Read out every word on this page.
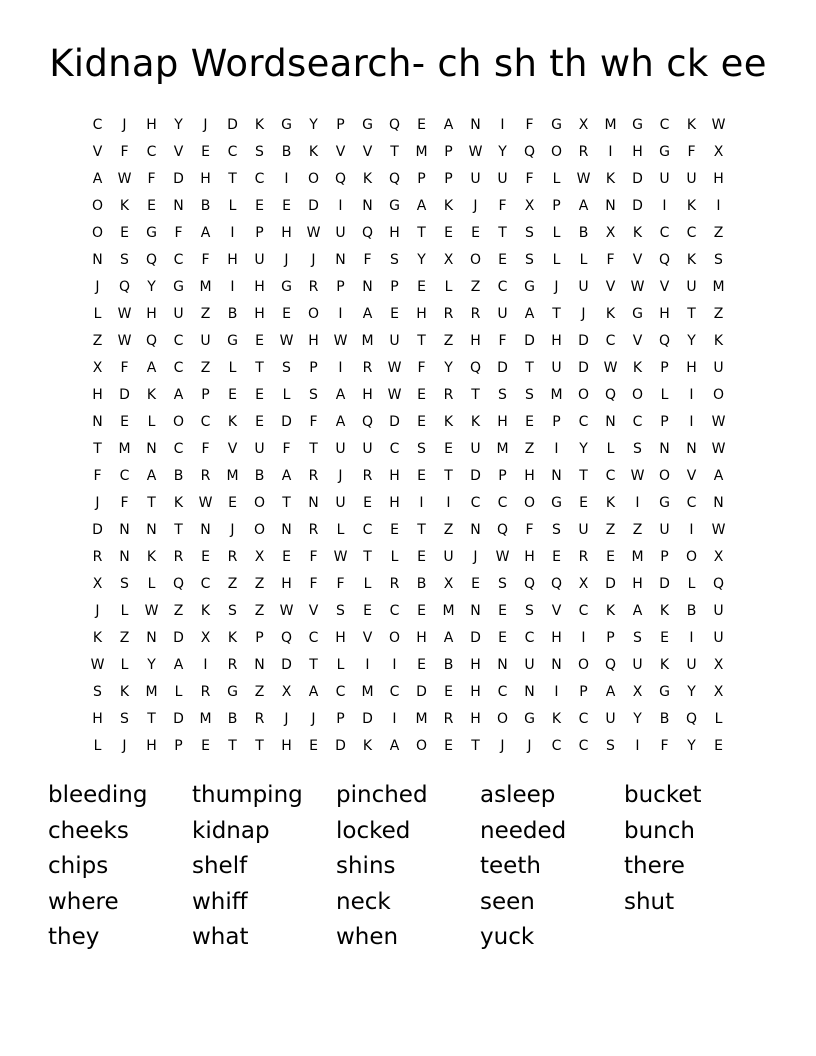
Kidnap Wordsearch- ch sh th wh ck ee
C	J	H	Y	J	D	K	G	Y	P	G	Q	E	A	N	I	F	G	X	M	G	C	K	W
V	F	C	V	E	C	S	B	K	V	V	T	M	P	W	Y	Q	O	R	I	H	G	F	X
A	W	F	D	H	T	C	I	O	Q	K	Q	P	P	U	U	F	L	W	K	D	U	U	H
O	K	E	N	B	L	E	E	D	I	N	G	A	K	J	F	X	P	A	N	D	I	K	I
O	E	G	F	A	I	P	H	W	U	Q	H	T	E	E	T	S	L	B	X	K	C	C	Z
N	S	Q	C	F	H	U	J	J	N	F	S	Y	X	O	E	S	L	L	F	V	Q	K	S
J	Q	Y	G	M	I	H	G	R	P	N	P	E	L	Z	C	G	J	U	V	W	V	U	M
L	W	H	U	Z	B	H	E	O	I	A	E	H	R	R	U	A	T	J	K	G	H	T	Z
Z	W	Q	C	U	G	E	W	H	W	M	U	T	Z	H	F	D	H	D	C	V	Q	Y	K
X	F	A	C	Z	L	T	S	P	I	R	W	F	Y	Q	D	T	U	D	W	K	P	H	U
H	D	K	A	P	E	E	L	S	A	H	W	E	R	T	S	S	M	O	Q	O	L	I	O
N	E	L	O	C	K	E	D	F	A	Q	D	E	K	K	H	E	P	C	N	C	P	I	W
T	M	N	C	F	V	U	F	T	U	U	C	S	E	U	M	Z	I	Y	L	S	N	N	W
F	C	A	B	R	M	B	A	R	J	R	H	E	T	D	P	H	N	T	C	W	O	V	A
J	F	T	K	W	E	O	T	N	U	E	H	I	I	C	C	O	G	E	K	I	G	C	N
D	N	N	T	N	J	O	N	R	L	C	E	T	Z	N	Q	F	S	U	Z	Z	U	I	W
R	N	K	R	E	R	X	E	F	W	T	L	E	U	J	W	H	E	R	E	M	P	O	X
X	S	L	Q	C	Z	Z	H	F	F	L	R	B	X	E	S	Q	Q	X	D	H	D	L	Q
J	L	W	Z	K	S	Z	W	V	S	E	C	E	M	N	E	S	V	C	K	A	K	B	U
K	Z	N	D	X	K	P	Q	C	H	V	O	H	A	D	E	C	H	I	P	S	E	I	U
W	L	Y	A	I	R	N	D	T	L	I	I	E	B	H	N	U	N	O	Q	U	K	U	X
S	K	M	L	R	G	Z	X	A	C	M	C	D	E	H	C	N	I	P	A	X	G	Y	X
H	S	T	D	M	B	R	J	J	P	D	I	M	R	H	O	G	K	C	U	Y	B	Q	L
L	J	H	P	E	T	T	H	E	D	K	A	O	E	T	J	J	C	C	S	I	F	Y	E
bleeding	thumping	pinched	asleep	bucket
cheeks	kidnap	locked	needed	bunch
chips	shelf	shins	teeth	there
where	whiff	neck	seen	shut
they	what	when	yuck
